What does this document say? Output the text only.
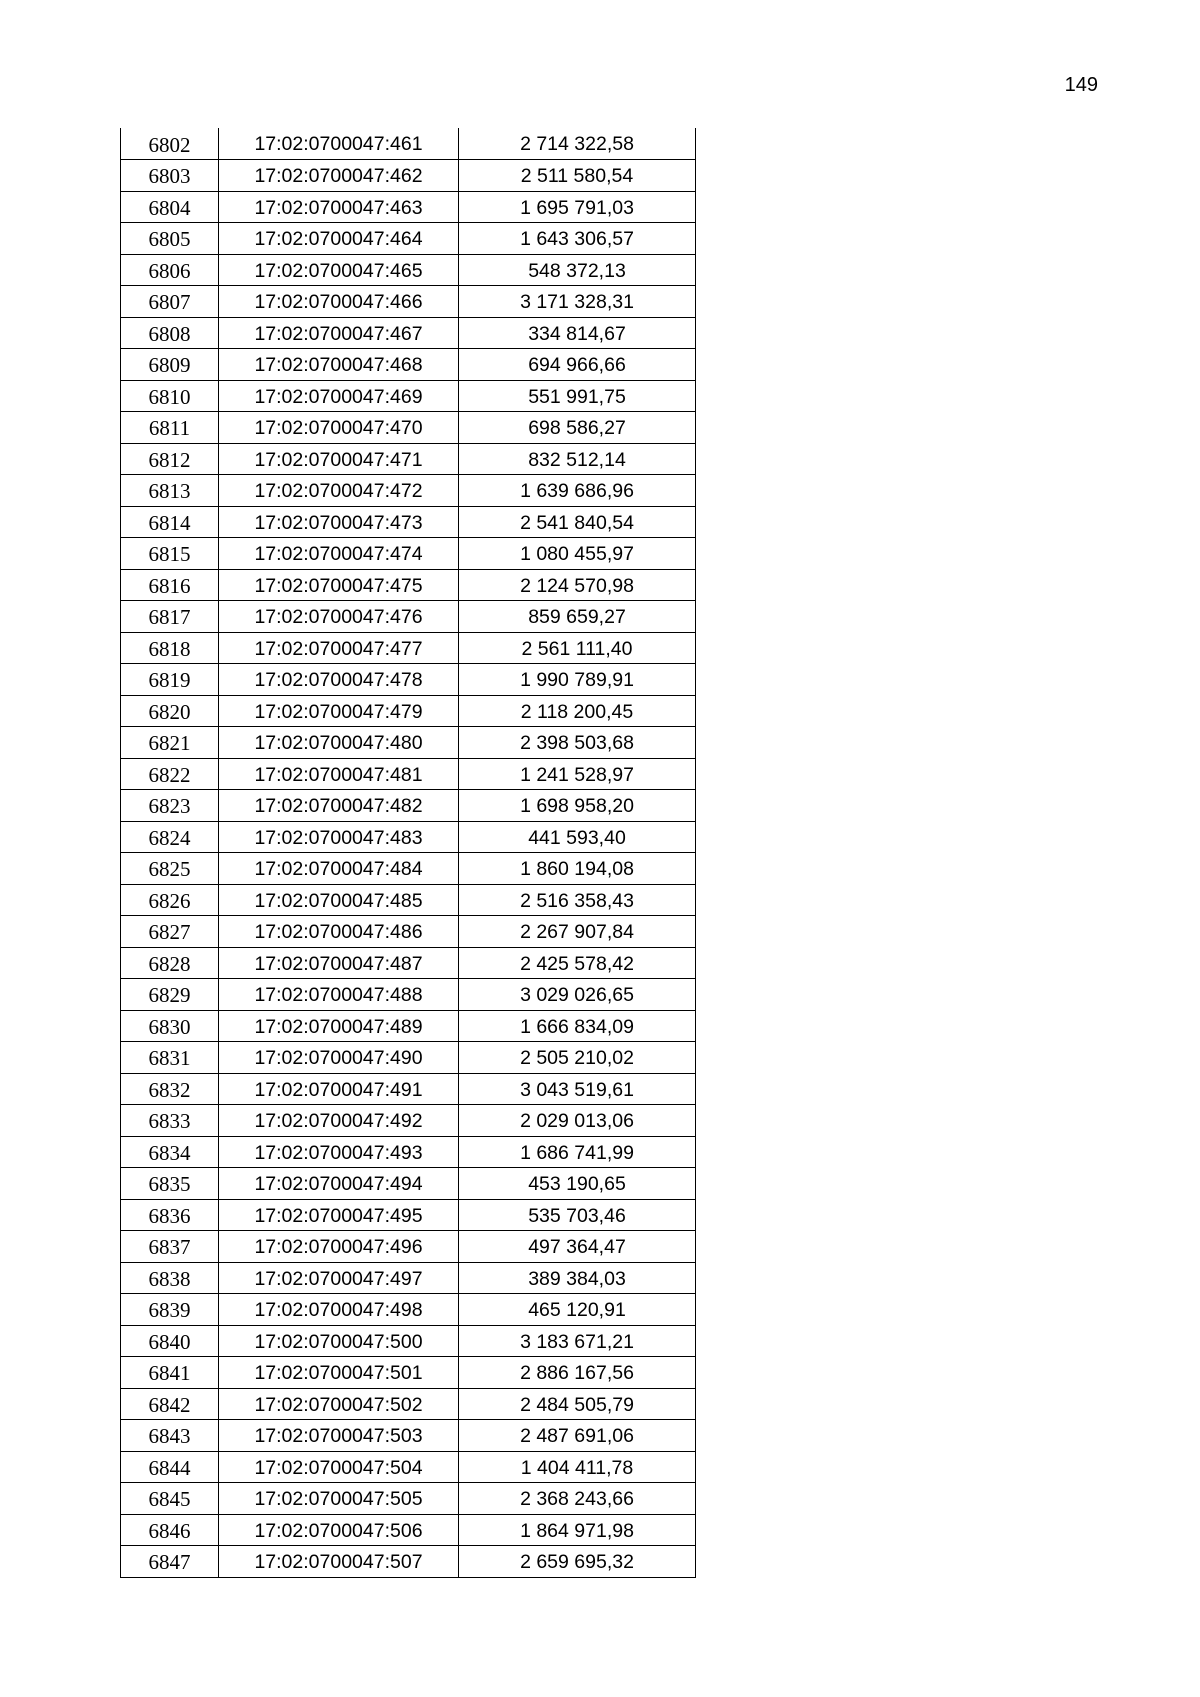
149
6802	17:02:0700047:461	2 714 322,58
6803	17:02:0700047:462	2 511 580,54
6804	17:02:0700047:463	1 695 791,03
6805	17:02:0700047:464	1 643 306,57
6806	17:02:0700047:465	548 372,13
6807	17:02:0700047:466	3 171 328,31
6808	17:02:0700047:467	334 814,67
6809	17:02:0700047:468	694 966,66
6810	17:02:0700047:469	551 991,75
6811	17:02:0700047:470	698 586,27
6812	17:02:0700047:471	832 512,14
6813	17:02:0700047:472	1 639 686,96
6814	17:02:0700047:473	2 541 840,54
6815	17:02:0700047:474	1 080 455,97
6816	17:02:0700047:475	2 124 570,98
6817	17:02:0700047:476	859 659,27
6818	17:02:0700047:477	2 561 111,40
6819	17:02:0700047:478	1 990 789,91
6820	17:02:0700047:479	2 118 200,45
6821	17:02:0700047:480	2 398 503,68
6822	17:02:0700047:481	1 241 528,97
6823	17:02:0700047:482	1 698 958,20
6824	17:02:0700047:483	441 593,40
6825	17:02:0700047:484	1 860 194,08
6826	17:02:0700047:485	2 516 358,43
6827	17:02:0700047:486	2 267 907,84
6828	17:02:0700047:487	2 425 578,42
6829	17:02:0700047:488	3 029 026,65
6830	17:02:0700047:489	1 666 834,09
6831	17:02:0700047:490	2 505 210,02
6832	17:02:0700047:491	3 043 519,61
6833	17:02:0700047:492	2 029 013,06
6834	17:02:0700047:493	1 686 741,99
6835	17:02:0700047:494	453 190,65
6836	17:02:0700047:495	535 703,46
6837	17:02:0700047:496	497 364,47
6838	17:02:0700047:497	389 384,03
6839	17:02:0700047:498	465 120,91
6840	17:02:0700047:500	3 183 671,21
6841	17:02:0700047:501	2 886 167,56
6842	17:02:0700047:502	2 484 505,79
6843	17:02:0700047:503	2 487 691,06
6844	17:02:0700047:504	1 404 411,78
6845	17:02:0700047:505	2 368 243,66
6846	17:02:0700047:506	1 864 971,98
6847	17:02:0700047:507	2 659 695,32
